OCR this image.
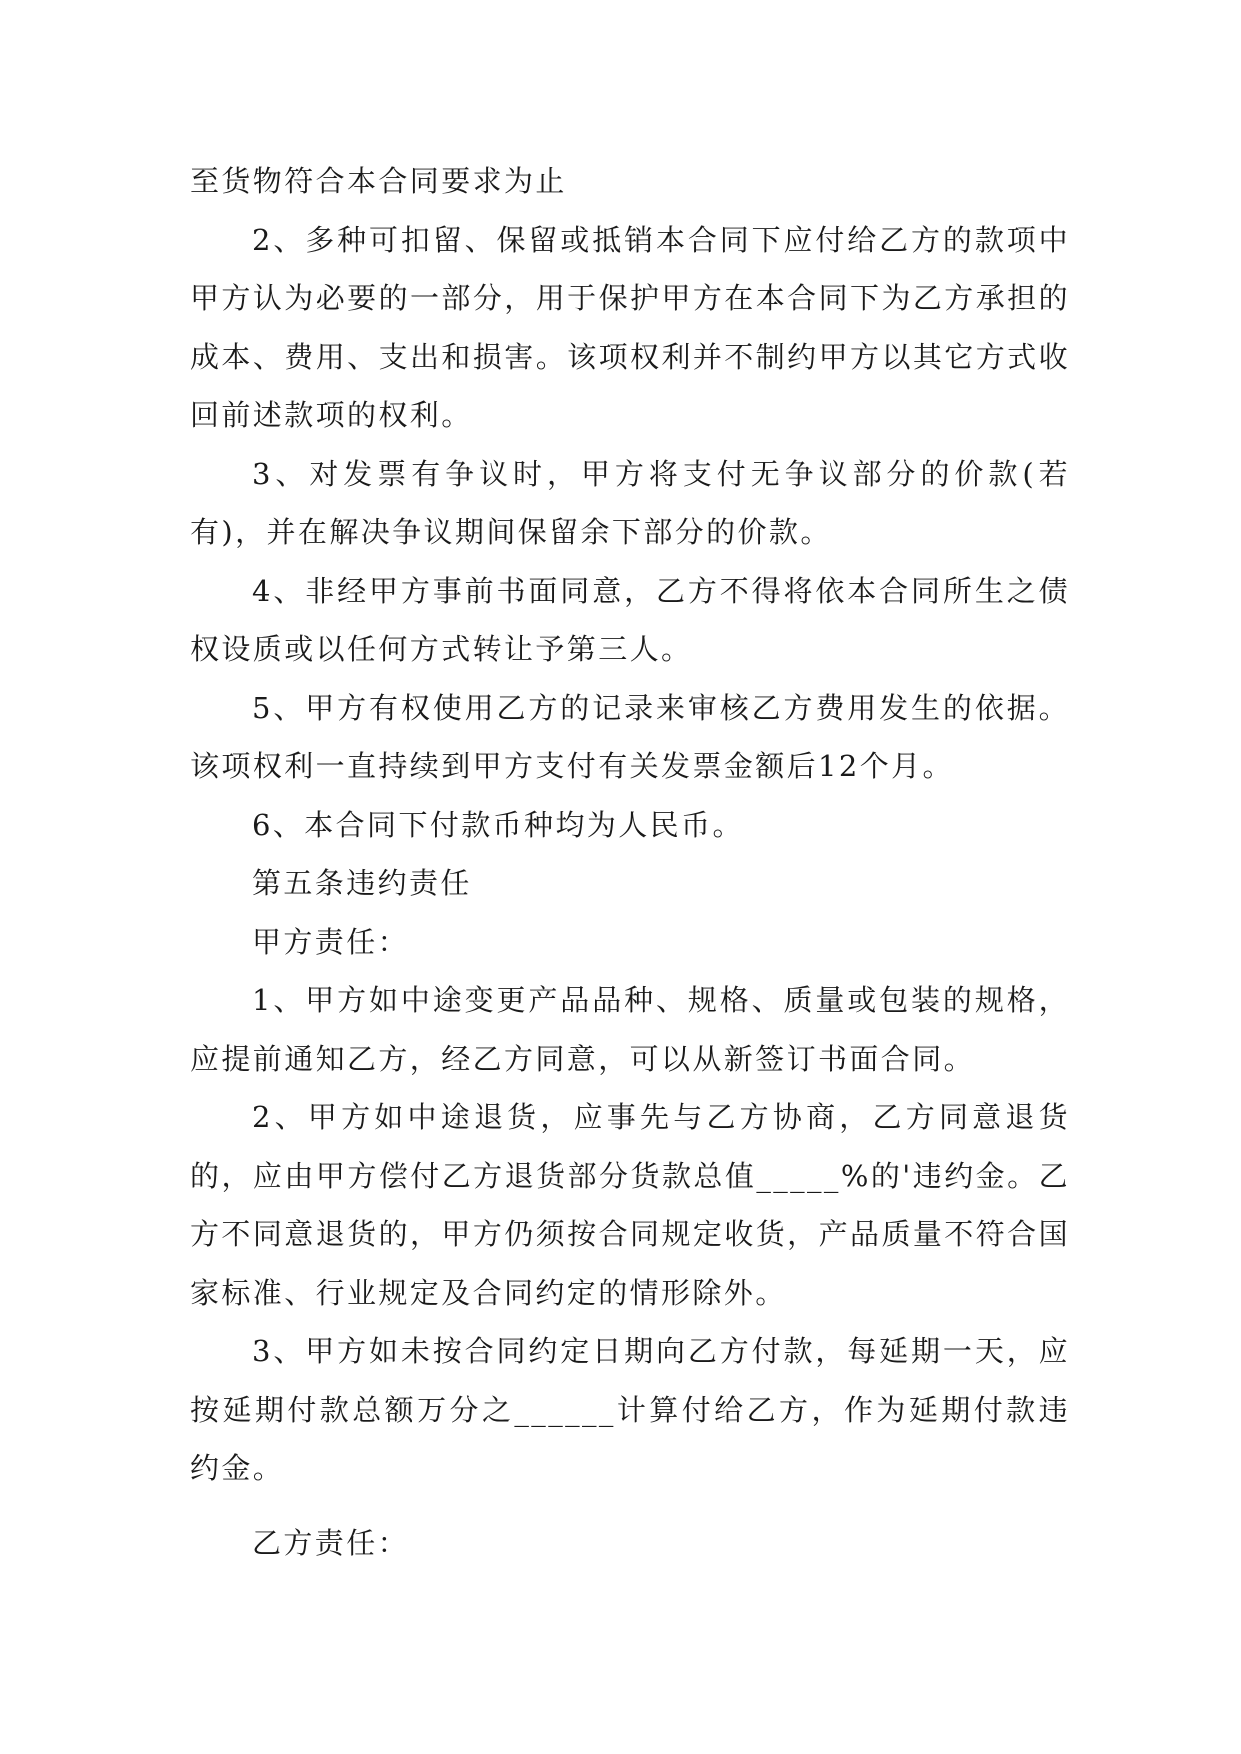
至货物符合本合同要求为止

2、多种可扣留、保留或抵销本合同下应付给乙方的款项中甲方认为必要的一部分，用于保护甲方在本合同下为乙方承担的成本、费用、支出和损害。该项权利并不制约甲方以其它方式收回前述款项的权利。

3、对发票有争议时，甲方将支付无争议部分的价款(若有)，并在解决争议期间保留余下部分的价款。

4、非经甲方事前书面同意，乙方不得将依本合同所生之债权设质或以任何方式转让予第三人。

5、甲方有权使用乙方的记录来审核乙方费用发生的依据。该项权利一直持续到甲方支付有关发票金额后12个月。

6、本合同下付款币种均为人民币。

第五条违约责任

甲方责任：

1、甲方如中途变更产品品种、规格、质量或包装的规格，应提前通知乙方，经乙方同意，可以从新签订书面合同。

2、甲方如中途退货，应事先与乙方协商，乙方同意退货的，应由甲方偿付乙方退货部分货款总值_____%的'违约金。乙方不同意退货的，甲方仍须按合同规定收货，产品质量不符合国家标准、行业规定及合同约定的情形除外。

3、甲方如未按合同约定日期向乙方付款，每延期一天，应按延期付款总额万分之______计算付给乙方，作为延期付款违约金。

乙方责任：
